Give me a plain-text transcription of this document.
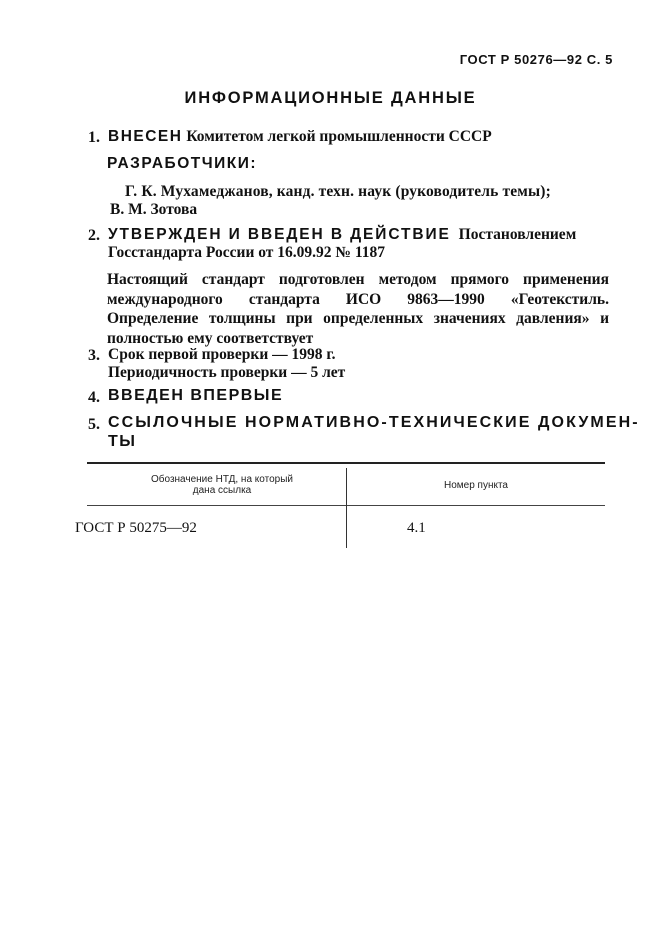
ГОСТ Р 50276—92 С. 5
ИНФОРМАЦИОННЫЕ ДАННЫЕ
1. ВНЕСЕН Комитетом легкой промышленности СССР
РАЗРАБОТЧИКИ:
Г. К. Мухамеджанов, канд. техн. наук (руководитель темы);
В. М. Зотова
2. УТВЕРЖДЕН И ВВЕДЕН В ДЕЙСТВИЕ Постановлением
Госстандарта России от 16.09.92 № 1187
Настоящий стандарт подготовлен методом прямого применения международного стандарта ИСО 9863—1990 «Геотекстиль. Определение толщины при определенных значениях давления» и полностью ему соответствует
3. Срок первой проверки — 1998 г.
Периодичность проверки — 5 лет
4. ВВЕДЕН ВПЕРВЫЕ
5. ССЫЛОЧНЫЕ НОРМАТИВНО-ТЕХНИЧЕСКИЕ ДОКУМЕН-
ТЫ
Обозначение НТД, на который
дана ссылка	Номер пункта
ГОСТ Р 50275—92	4.1
